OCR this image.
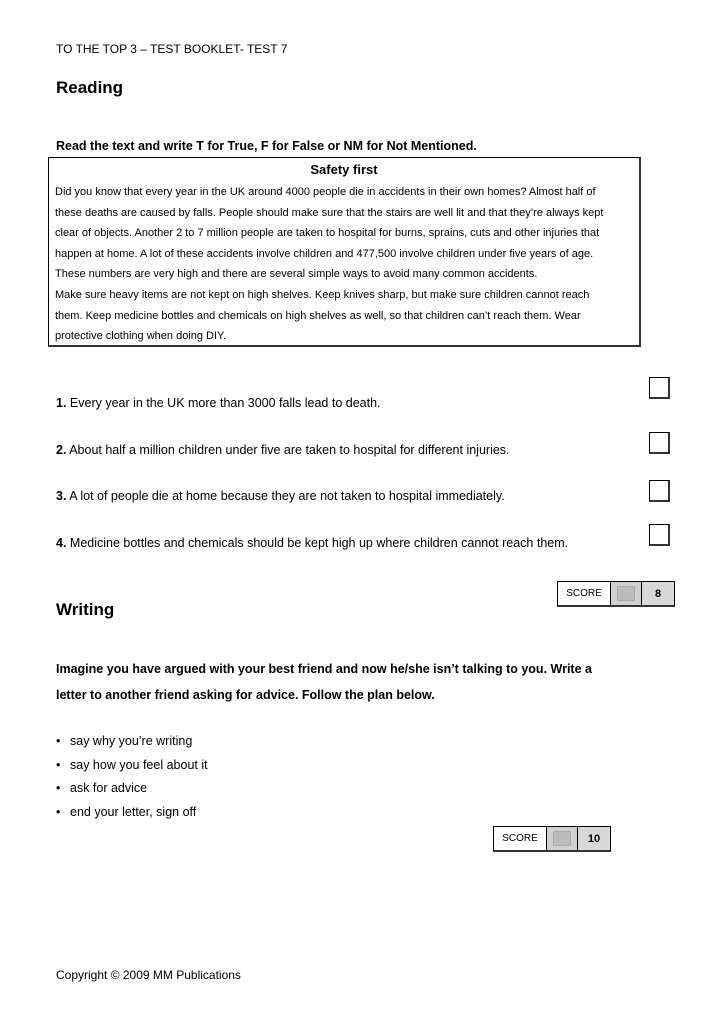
TO THE TOP 3 – TEST BOOKLET- TEST 7
Reading
Read the text and write T for True, F for False or NM for Not Mentioned.
Safety first
Did you know that every year in the UK around 4000 people die in accidents in their own homes? Almost half of
these deaths are caused by falls. People should make sure that the stairs are well lit and that they’re always kept
clear of objects. Another 2 to 7 million people are taken to hospital for burns, sprains, cuts and other injuries that
happen at home. A lot of these accidents involve children and 477,500 involve children under five years of age.
These numbers are very high and there are several simple ways to avoid many common accidents.
Make sure heavy items are not kept on high shelves. Keep knives sharp, but make sure children cannot reach
them. Keep medicine bottles and chemicals on high shelves as well, so that children can’t reach them. Wear
protective clothing when doing DIY.
1. Every year in the UK more than 3000 falls lead to death.
2. About half a million children under five are taken to hospital for different injuries.
3. A lot of people die at home because they are not taken to hospital immediately.
4. Medicine bottles and chemicals should be kept high up where children cannot reach them.
SCORE	8
Writing
Imagine you have argued with your best friend and now he/she isn’t talking to you. Write a
letter to another friend asking for advice. Follow the plan below.
• say why you’re writing
• say how you feel about it
• ask for advice
• end your letter, sign off
SCORE	10
Copyright © 2009 MM Publications
